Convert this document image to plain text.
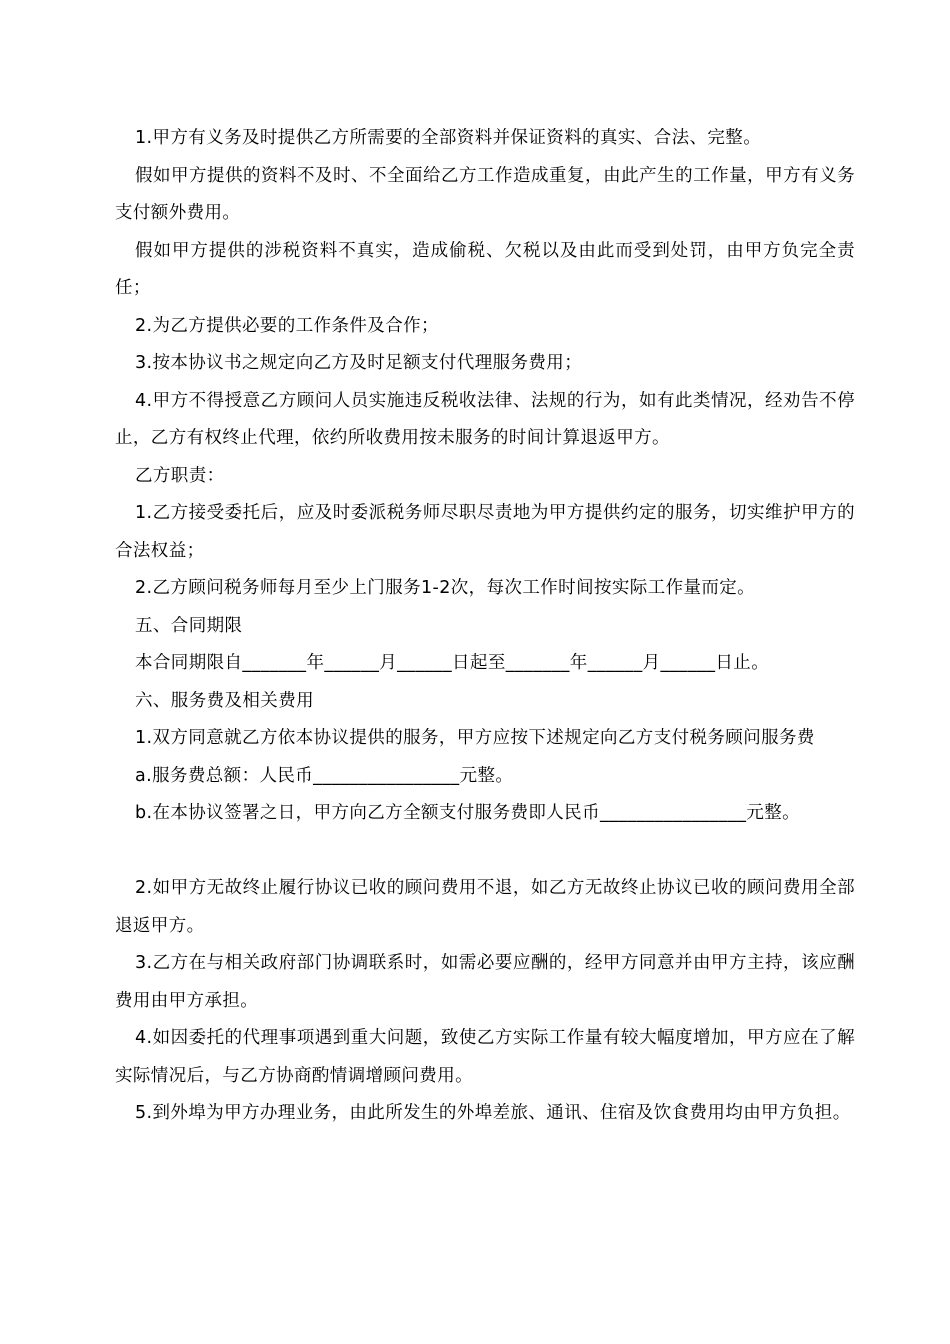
1.甲方有义务及时提供乙方所需要的全部资料并保证资料的真实、合法、完整。

假如甲方提供的资料不及时、不全面给乙方工作造成重复，由此产生的工作量，甲方有义务支付额外费用。

假如甲方提供的涉税资料不真实，造成偷税、欠税以及由此而受到处罚，由甲方负完全责任；

2.为乙方提供必要的工作条件及合作；

3.按本协议书之规定向乙方及时足额支付代理服务费用；

4.甲方不得授意乙方顾问人员实施违反税收法律、法规的行为，如有此类情况，经劝告不停止，乙方有权终止代理，依约所收费用按未服务的时间计算退返甲方。

乙方职责：

1.乙方接受委托后，应及时委派税务师尽职尽责地为甲方提供约定的服务，切实维护甲方的合法权益；

2.乙方顾问税务师每月至少上门服务1-2次，每次工作时间按实际工作量而定。

五、合同期限

本合同期限自_______年______月______日起至_______年______月______日止。

六、服务费及相关费用

1.双方同意就乙方依本协议提供的服务，甲方应按下述规定向乙方支付税务顾问服务费

a.服务费总额：人民币________________元整。

b.在本协议签署之日，甲方向乙方全额支付服务费即人民币________________元整。

2.如甲方无故终止履行协议已收的顾问费用不退，如乙方无故终止协议已收的顾问费用全部退返甲方。

3.乙方在与相关政府部门协调联系时，如需必要应酬的，经甲方同意并由甲方主持，该应酬费用由甲方承担。

4.如因委托的代理事项遇到重大问题，致使乙方实际工作量有较大幅度增加，甲方应在了解实际情况后，与乙方协商酌情调增顾问费用。

5.到外埠为甲方办理业务，由此所发生的外埠差旅、通讯、住宿及饮食费用均由甲方负担。
